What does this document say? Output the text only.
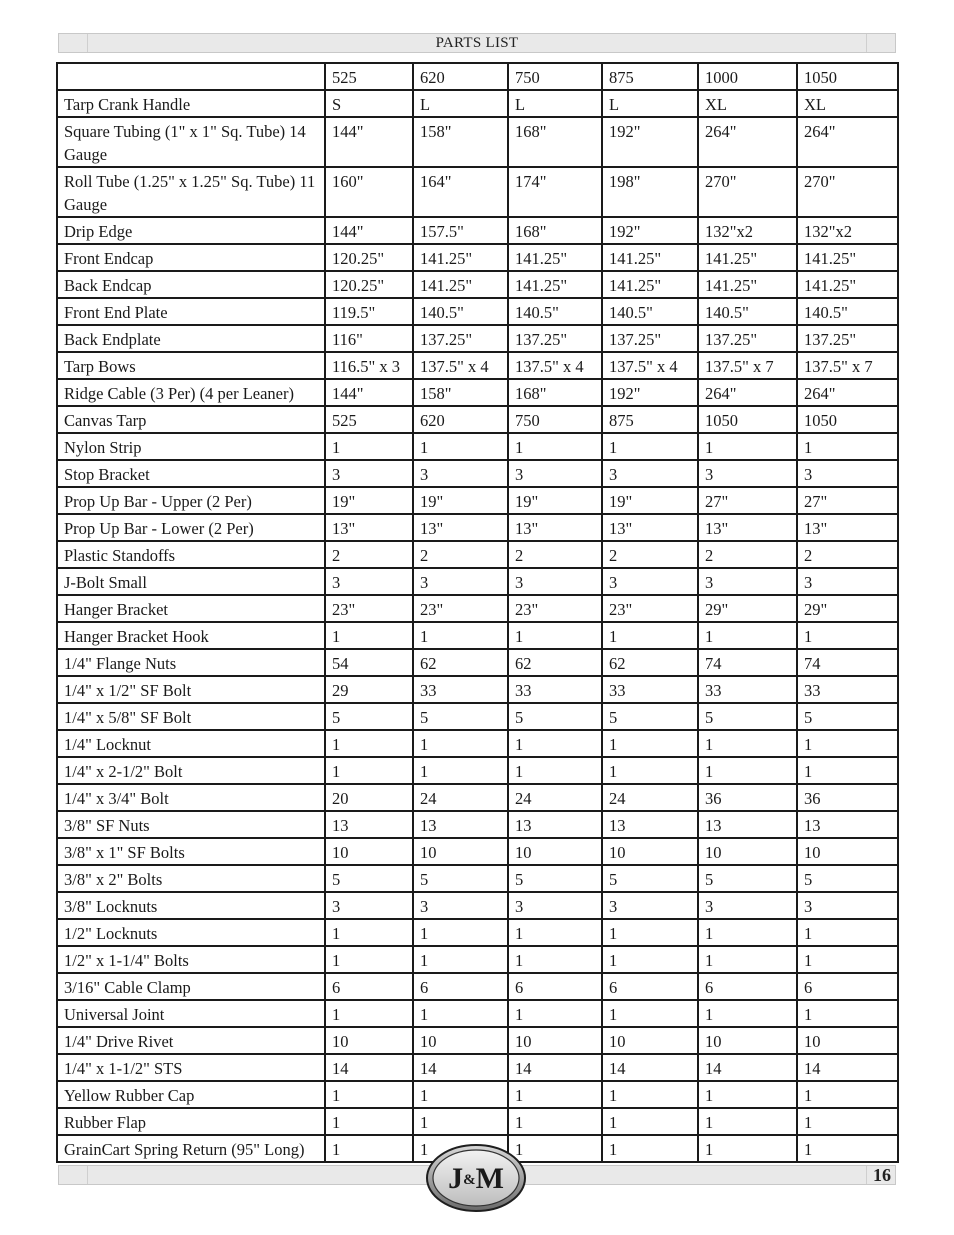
PARTS LIST
	525	620	750	875	1000	1050
Tarp Crank Handle	S	L	L	L	XL	XL
Square Tubing (1" x 1" Sq. Tube) 14 Gauge	144"	158"	168"	192"	264"	264"
Roll Tube (1.25" x 1.25" Sq. Tube) 11 Gauge	160"	164"	174"	198"	270"	270"
Drip Edge	144"	157.5"	168"	192"	132"x2	132"x2
Front Endcap	120.25"	141.25"	141.25"	141.25"	141.25"	141.25"
Back Endcap	120.25"	141.25"	141.25"	141.25"	141.25"	141.25"
Front End Plate	119.5"	140.5"	140.5"	140.5"	140.5"	140.5"
Back Endplate	116"	137.25"	137.25"	137.25"	137.25"	137.25"
Tarp Bows	116.5" x 3	137.5" x 4	137.5" x 4	137.5" x 4	137.5" x 7	137.5" x 7
Ridge Cable (3 Per) (4 per Leaner)	144"	158"	168"	192"	264"	264"
Canvas Tarp	525	620	750	875	1050	1050
Nylon Strip	1	1	1	1	1	1
Stop Bracket	3	3	3	3	3	3
Prop Up Bar - Upper (2 Per)	19"	19"	19"	19"	27"	27"
Prop Up Bar - Lower (2 Per)	13"	13"	13"	13"	13"	13"
Plastic Standoffs	2	2	2	2	2	2
J-Bolt Small	3	3	3	3	3	3
Hanger Bracket	23"	23"	23"	23"	29"	29"
Hanger Bracket Hook	1	1	1	1	1	1
1/4" Flange Nuts	54	62	62	62	74	74
1/4" x 1/2" SF Bolt	29	33	33	33	33	33
1/4" x 5/8" SF Bolt	5	5	5	5	5	5
1/4" Locknut	1	1	1	1	1	1
1/4" x 2-1/2" Bolt	1	1	1	1	1	1
1/4" x 3/4" Bolt	20	24	24	24	36	36
3/8" SF Nuts	13	13	13	13	13	13
3/8" x 1" SF Bolts	10	10	10	10	10	10
3/8" x 2" Bolts	5	5	5	5	5	5
3/8" Locknuts	3	3	3	3	3	3
1/2" Locknuts	1	1	1	1	1	1
1/2" x 1-1/4" Bolts	1	1	1	1	1	1
3/16" Cable Clamp	6	6	6	6	6	6
Universal Joint	1	1	1	1	1	1
1/4" Drive Rivet	10	10	10	10	10	10
1/4" x 1-1/2" STS	14	14	14	14	14	14
Yellow Rubber Cap	1	1	1	1	1	1
Rubber Flap	1	1	1	1	1	1
GrainCart Spring Return (95" Long)	1	1	1	1	1	1
16
J&M
